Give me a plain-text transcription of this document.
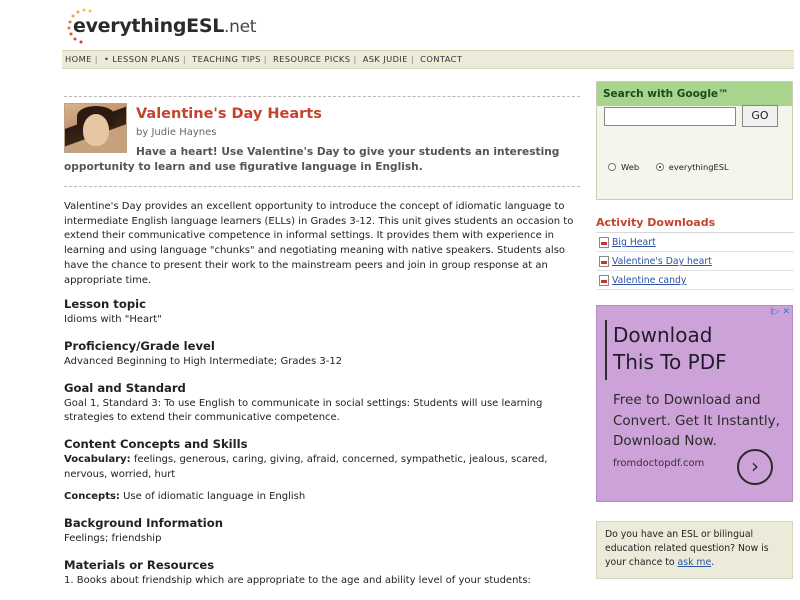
everythingESL.net
HOME | • LESSON PLANS | TEACHING TIPS | RESOURCE PICKS | ASK JUDIE | CONTACT
Valentine's Day Hearts
by Judie Haynes
Have a heart! Use Valentine's Day to give your students an interesting opportunity to learn and use figurative language in English.

Valentine's Day provides an excellent opportunity to introduce the concept of idiomatic language to intermediate English language learners (ELLs) in Grades 3-12. This unit gives students an occasion to extend their communicative competence in informal settings. It provides them with experience in learning and using language "chunks" and negotiating meaning with native speakers. Students also have the chance to present their work to the mainstream peers and join in group response at an appropriate time.

Lesson topic
Idioms with "Heart"
Proficiency/Grade level
Advanced Beginning to High Intermediate; Grades 3-12
Goal and Standard
Goal 1, Standard 3: To use English to communicate in social settings: Students will use learning strategies to extend their communicative competence.
Content Concepts and Skills
Vocabulary: feelings, generous, caring, giving, afraid, concerned, sympathetic, jealous, scared, nervous, worried, hurt
Concepts: Use of idiomatic language in English
Background Information
Feelings; friendship
Materials or Resources
1. Books about friendship which are appropriate to the age and ability level of your students:
Search with Google™
GO
Web	everythingESL
Activity Downloads
Big Heart
Valentine's Day heart
Valentine candy
i▷ ✕
Download
This To PDF
Free to Download and Convert. Get It Instantly, Download Now.
fromdoctopdf.com	›
Do you have an ESL or bilingual education related question? Now is your chance to ask me.
